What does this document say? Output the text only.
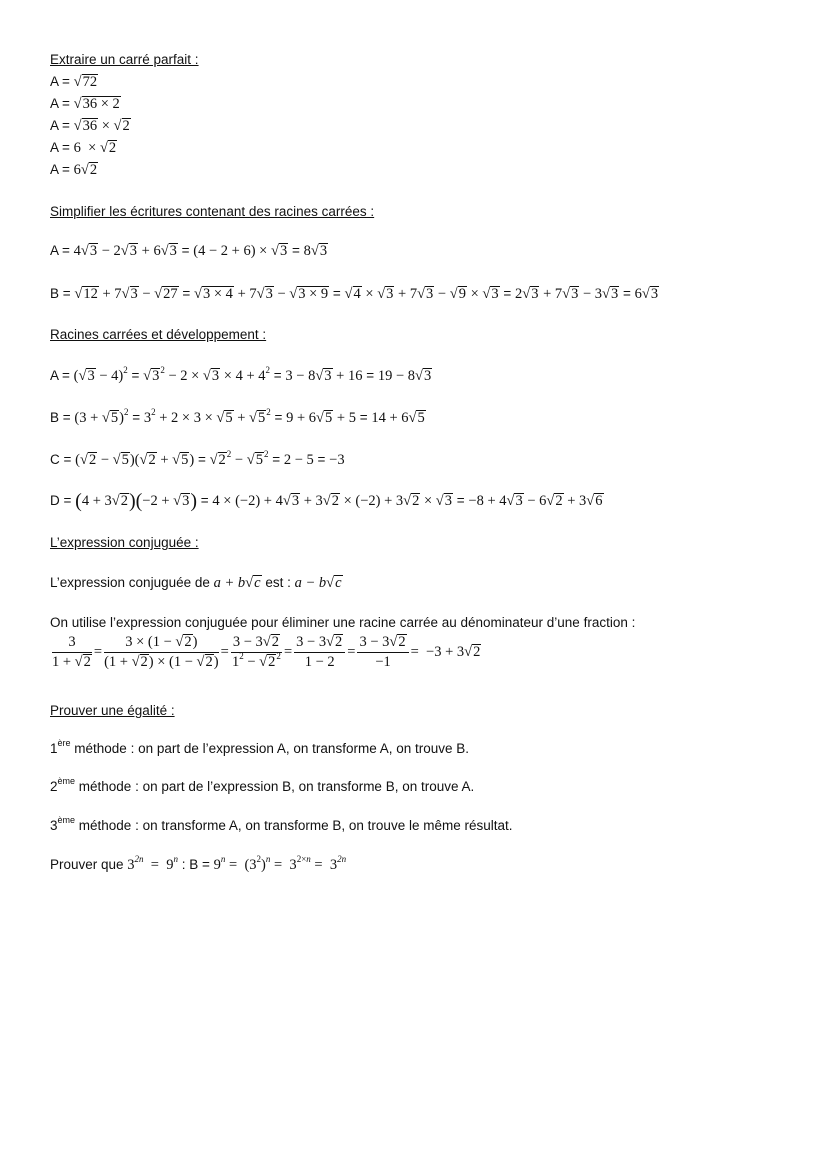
Extraire un carré parfait :
A = √72
A = √36 × 2
A = √36 × √2
A = 6  × √2
A = 6√2
Simplifier les écritures contenant des racines carrées :
A = 4√3 − 2√3 + 6√3 = (4 − 2 + 6) × √3 = 8√3
B = √12 + 7√3 − √27 = √3 × 4 + 7√3 − √3 × 9 = √4 × √3 + 7√3 − √9 × √3 = 2√3 + 7√3 − 3√3 = 6√3
Racines carrées et développement :
$A = (√3 - 4)^2 = √3^2 - 2 \times √3 \times 4 + 4^2 = 3 - 8√3 + 16 = 19 - 8√3$
$B = (3 + √5)^2 = 3^2 + 2 \times 3 \times √5 + √5^2 = 9 + 6√5 + 5 = 14 + 6√5$
$C = (√2 - √5)(√2 + √5) = √2^2 - √5^2 = 2 - 5 = -3$
D = (4 + 3√2)(−2 + √3) = 4 × (−2) + 4√3 + 3√2 × (−2) + 3√2 × √3 = −8 + 4√3 − 6√2 + 3√6
L’expression conjuguée :
L’expression conjuguée de a + b√c est : a − b√c
On utilise l’expression conjuguée pour éliminer une racine carrée au dénominateur d’une fraction :
$\frac{3}{1 + √2} = \frac{3 \times (1 - √2)}{(1 + √2) \times (1 - √2)} = \frac{3 - 3√2}{1^2 - √2^2} = \frac{3 - 3√2}{1 - 2} = \frac{3 - 3√2}{-1} = -3 + 3√2$
Prouver une égalité :
1ère méthode : on part de l’expression A, on transforme A, on trouve B.
2ème méthode : on part de l’expression B, on transforme B, on trouve A.
3ème méthode : on transforme A, on transforme B, on trouve le même résultat.
Prouver que $3^{2n} = 9^n$ : $B = 9^n = (3^2)^n = 3^{2\times n} = 3^{2n}$
